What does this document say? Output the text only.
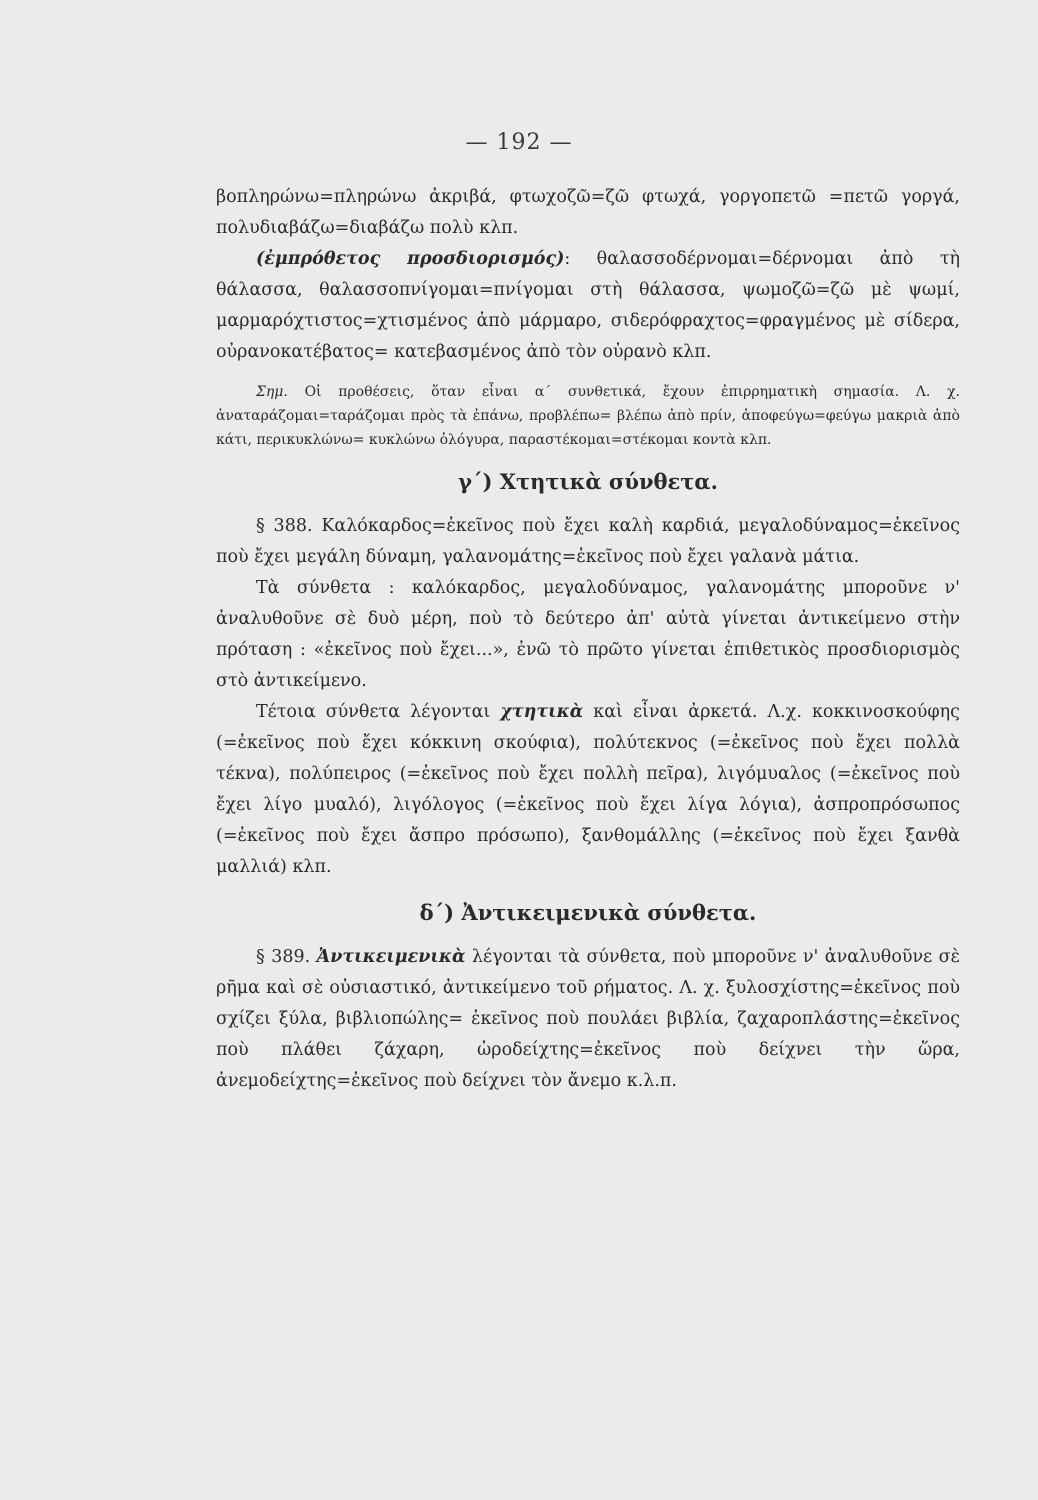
— 192 —

βοπληρώνω=πληρώνω ἀκριβά, φτωχοζῶ=ζῶ φτωχά, γοργοπετῶ =πετῶ γοργά, πολυδιαβάζω=διαβάζω πολὺ κλπ.

(ἐμπρόθετος προσδιορισμός): θαλασσοδέρνομαι=δέρνομαι ἀπὸ τὴ θάλασσα, θαλασσοπνίγομαι=πνίγομαι στὴ θάλασσα, ψωμοζῶ=ζῶ μὲ ψωμί, μαρμαρόχτιστος=χτισμένος ἀπὸ μάρμαρο, σιδερόφραχτος=φραγμένος μὲ σίδερα, οὐρανοκατέβατος= κατεβασμένος ἀπὸ τὸν οὐρανὸ κλπ.

Σημ. Οἱ προθέσεις, ὅταν εἶναι α΄ συνθετικά, ἔχουν ἐπιρρηματικὴ σημασία. Λ. χ. ἀναταράζομαι=ταράζομαι πρὸς τὰ ἐπάνω, προβλέπω= βλέπω ἀπὸ πρίν, ἀποφεύγω=φεύγω μακριὰ ἀπὸ κάτι, περικυκλώνω= κυκλώνω ὁλόγυρα, παραστέκομαι=στέκομαι κοντὰ κλπ.

γ΄) Χτητικὰ σύνθετα.

§ 388. Καλόκαρδος=ἐκεῖνος ποὺ ἔχει καλὴ καρδιά, μεγαλοδύναμος=ἐκεῖνος ποὺ ἔχει μεγάλη δύναμη, γαλανομάτης=ἐκεῖνος ποὺ ἔχει γαλανὰ μάτια.

Τὰ σύνθετα : καλόκαρδος, μεγαλοδύναμος, γαλανομάτης μποροῦνε ν' ἀναλυθοῦνε σὲ δυὸ μέρη, ποὺ τὸ δεύτερο ἀπ' αὐτὰ γίνεται ἀντικείμενο στὴν πρόταση : «ἐκεῖνος ποὺ ἔχει...», ἐνῶ τὸ πρῶτο γίνεται ἐπιθετικὸς προσδιορισμὸς στὸ ἀντικείμενο.

Τέτοια σύνθετα λέγονται χτητικὰ καὶ εἶναι ἀρκετά. Λ.χ. κοκκινοσκούφης (=ἐκεῖνος ποὺ ἔχει κόκκινη σκούφια), πολύτεκνος (=ἐκεῖνος ποὺ ἔχει πολλὰ τέκνα), πολύπειρος (=ἐκεῖνος ποὺ ἔχει πολλὴ πεῖρα), λιγόμυαλος (=ἐκεῖνος ποὺ ἔχει λίγο μυαλό), λιγόλογος (=ἐκεῖνος ποὺ ἔχει λίγα λόγια), ἀσπροπρόσωπος (=ἐκεῖνος ποὺ ἔχει ἄσπρο πρόσωπο), ξανθομάλλης (=ἐκεῖνος ποὺ ἔχει ξανθὰ μαλλιά) κλπ.

δ΄) Ἀντικειμενικὰ σύνθετα.

§ 389. Ἀντικειμενικὰ λέγονται τὰ σύνθετα, ποὺ μποροῦνε ν' ἀναλυθοῦνε σὲ ρῆμα καὶ σὲ οὐσιαστικό, ἀντικείμενο τοῦ ρήματος. Λ. χ. ξυλοσχίστης=ἐκεῖνος ποὺ σχίζει ξύλα, βιβλιοπώλης= ἐκεῖνος ποὺ πουλάει βιβλία, ζαχαροπλάστης=ἐκεῖνος ποὺ πλάθει ζάχαρη, ὡροδείχτης=ἐκεῖνος ποὺ δείχνει τὴν ὥρα, ἀνεμοδείχτης=ἐκεῖνος ποὺ δείχνει τὸν ἄνεμο κ.λ.π.
